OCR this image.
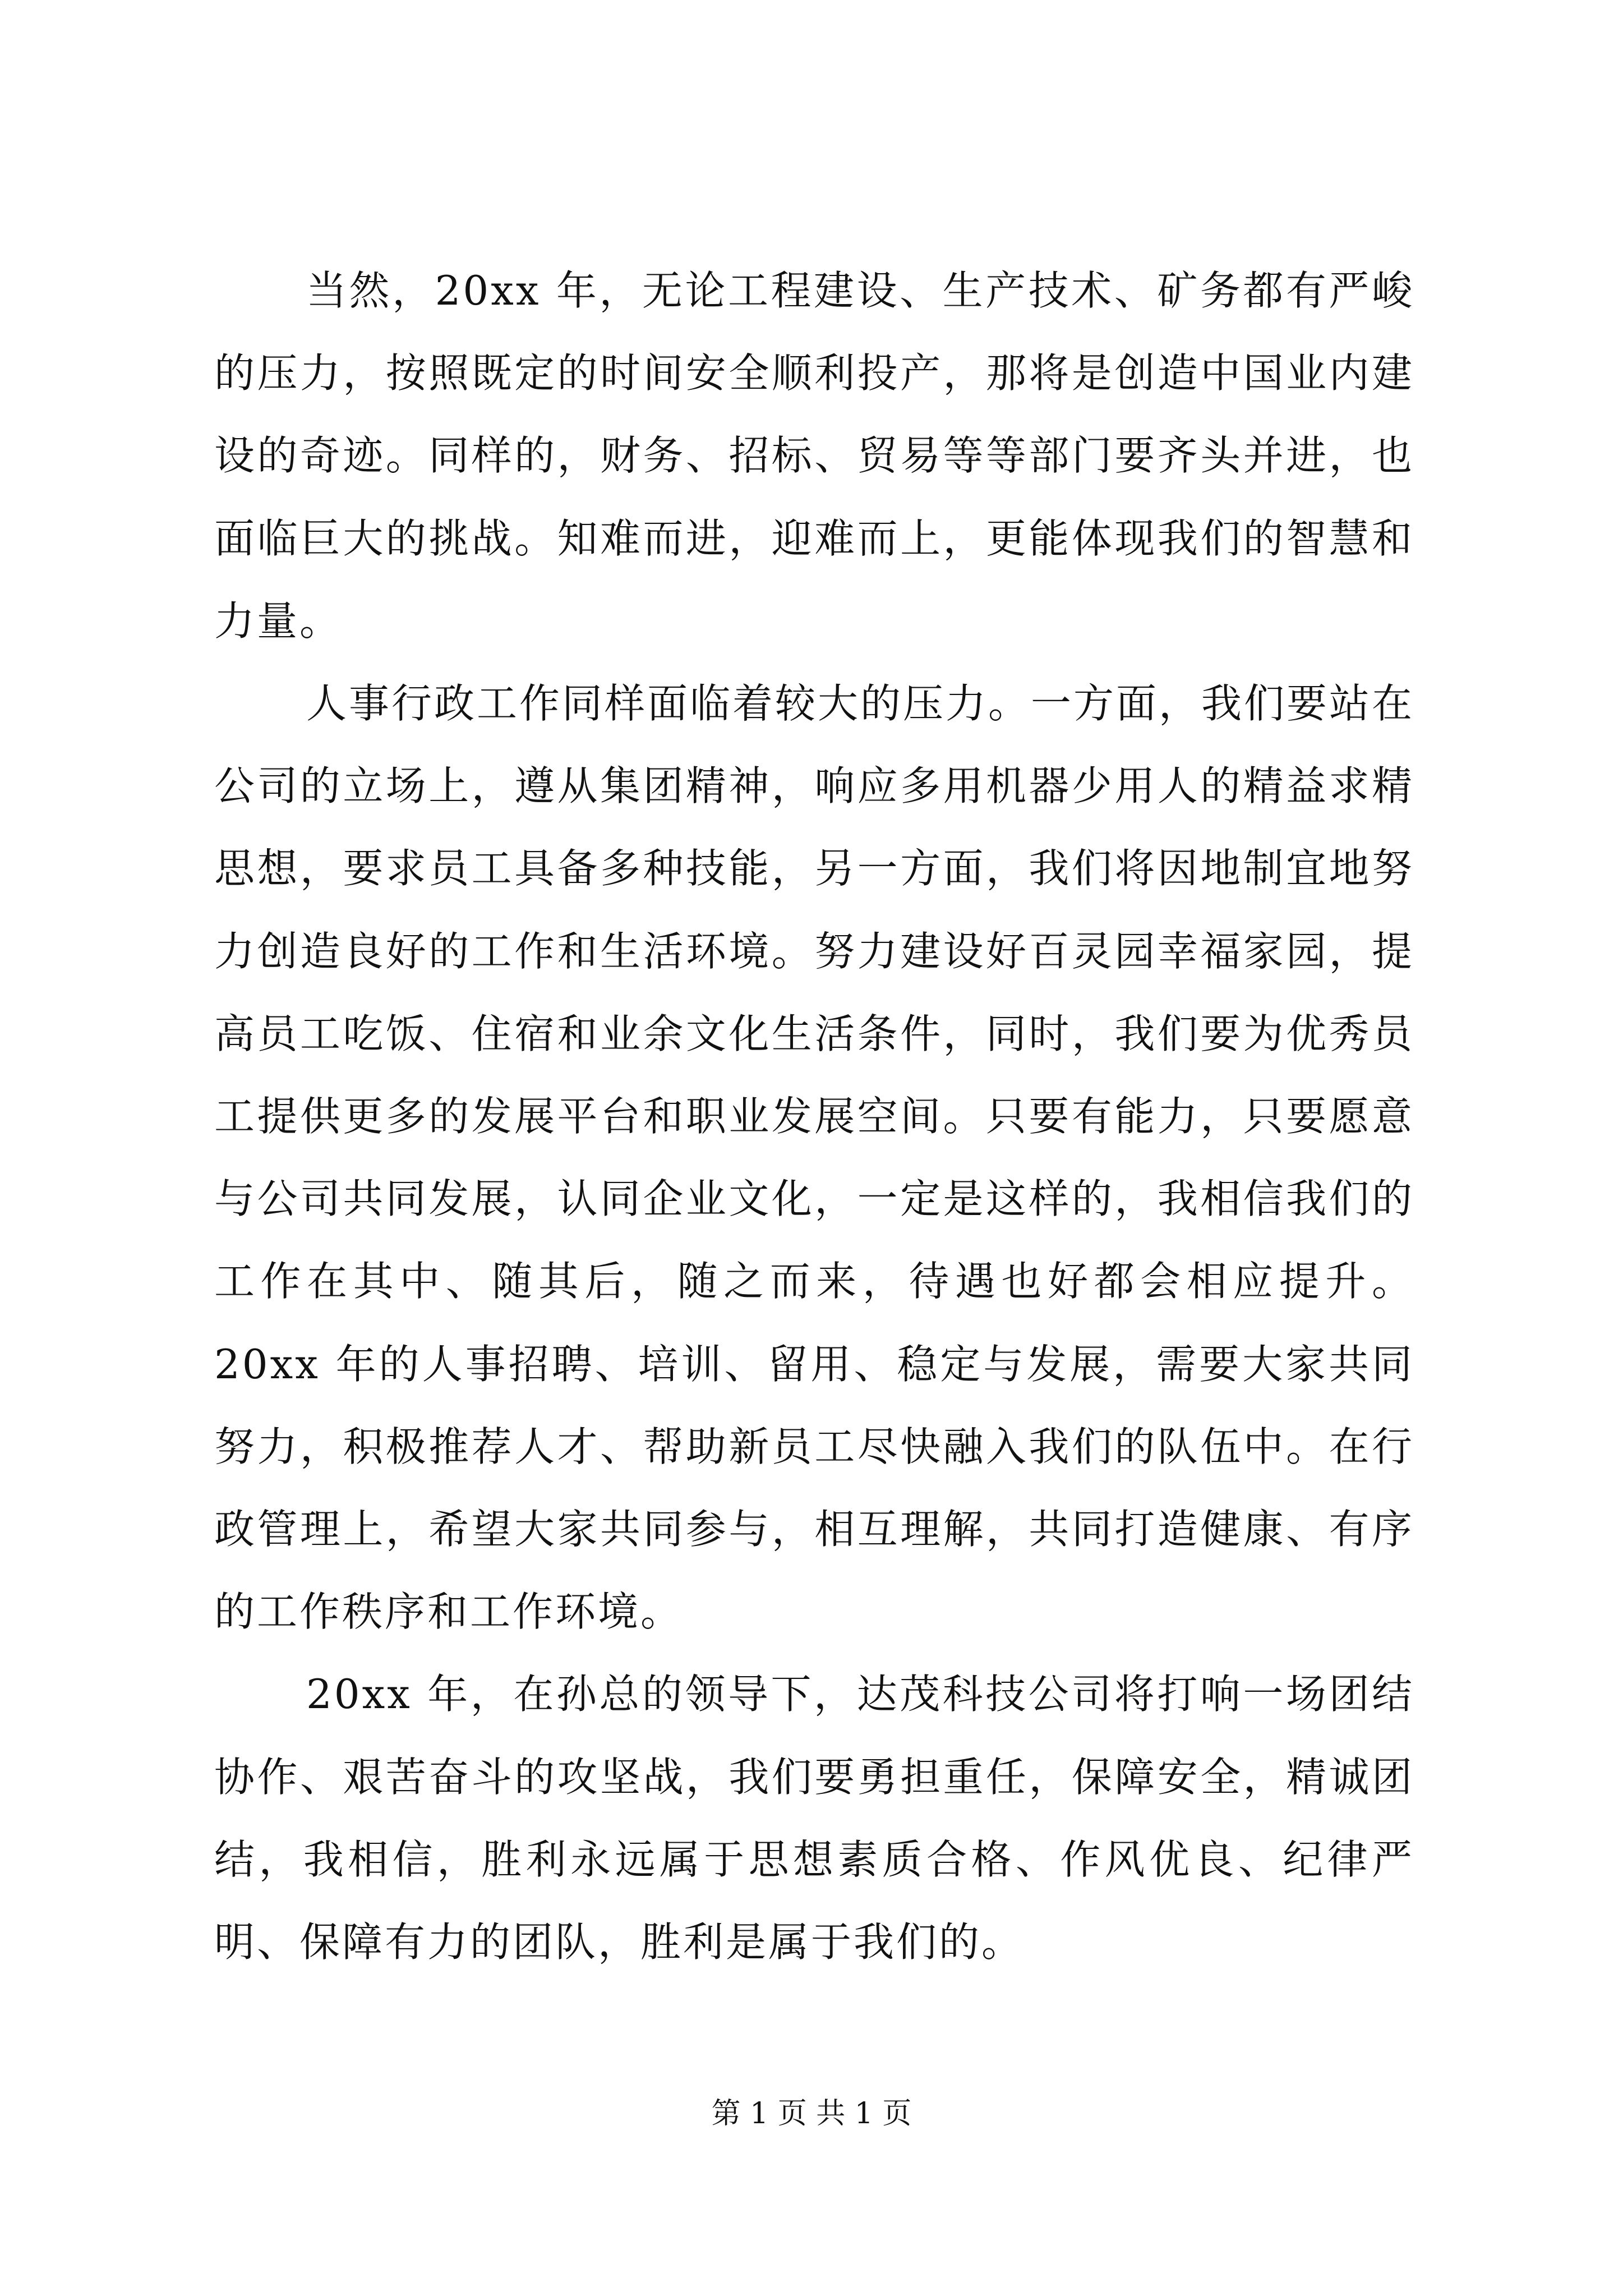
当然，20xx 年，无论工程建设、生产技术、矿务都有严峻的压力，按照既定的时间安全顺利投产，那将是创造中国业内建设的奇迹。同样的，财务、招标、贸易等等部门要齐头并进，也面临巨大的挑战。知难而进，迎难而上，更能体现我们的智慧和力量。

人事行政工作同样面临着较大的压力。一方面，我们要站在公司的立场上，遵从集团精神，响应多用机器少用人的精益求精思想，要求员工具备多种技能，另一方面，我们将因地制宜地努力创造良好的工作和生活环境。努力建设好百灵园幸福家园，提高员工吃饭、住宿和业余文化生活条件，同时，我们要为优秀员工提供更多的发展平台和职业发展空间。只要有能力，只要愿意与公司共同发展，认同企业文化，一定是这样的，我相信我们的工作在其中、随其后，随之而来，待遇也好都会相应提升。20xx 年的人事招聘、培训、留用、稳定与发展，需要大家共同努力，积极推荐人才、帮助新员工尽快融入我们的队伍中。在行政管理上，希望大家共同参与，相互理解，共同打造健康、有序的工作秩序和工作环境。

20xx 年，在孙总的领导下，达茂科技公司将打响一场团结协作、艰苦奋斗的攻坚战，我们要勇担重任，保障安全，精诚团结，我相信，胜利永远属于思想素质合格、作风优良、纪律严明、保障有力的团队，胜利是属于我们的。

第 1 页 共 1 页
